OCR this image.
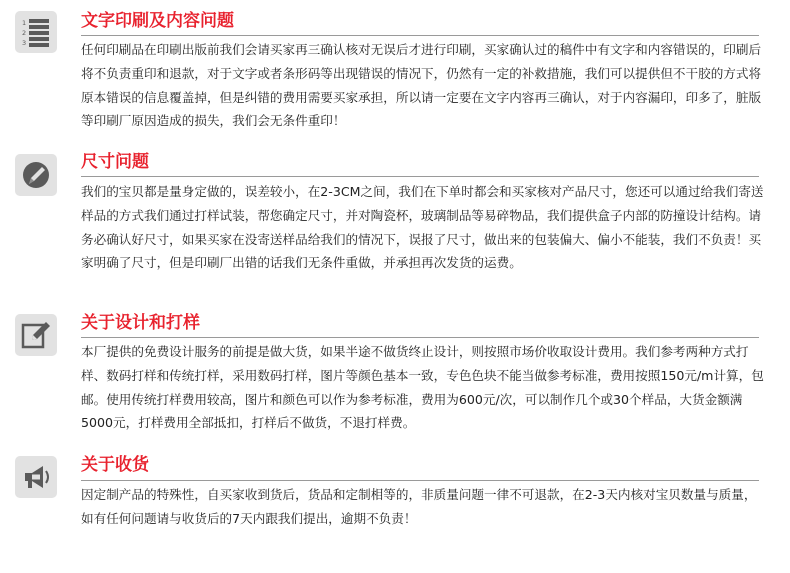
1
2
3
文字印刷及内容问题

任何印刷品在印刷出版前我们会请买家再三确认核对无误后才进行印刷，买家确认过的稿件中有文字和内容错误的，印刷后将不负责重印和退款，对于文字或者条形码等出现错误的情况下，仍然有一定的补救措施，我们可以提供但不干胶的方式将原本错误的信息覆盖掉，但是纠错的费用需要买家承担，所以请一定要在文字内容再三确认，对于内容漏印，印多了，脏版等印刷厂原因造成的损失，我们会无条件重印！

尺寸问题

我们的宝贝都是量身定做的，误差较小，在2-3CM之间，我们在下单时都会和买家核对产品尺寸，您还可以通过给我们寄送样品的方式我们通过打样试装，帮您确定尺寸，并对陶瓷杯，玻璃制品等易碎物品，我们提供盒子内部的防撞设计结构。请务必确认好尺寸，如果买家在没寄送样品给我们的情况下，误报了尺寸，做出来的包装偏大、偏小不能装，我们不负责！买家明确了尺寸，但是印刷厂出错的话我们无条件重做，并承担再次发货的运费。

关于设计和打样

本厂提供的免费设计服务的前提是做大货，如果半途不做货终止设计，则按照市场价收取设计费用。我们参考两种方式打样、数码打样和传统打样，采用数码打样，图片等颜色基本一致，专色色块不能当做参考标准，费用按照150元/m计算，包邮。使用传统打样费用较高，图片和颜色可以作为参考标准，费用为600元/次，可以制作几个或30个样品，大货金额满5000元，打样费用全部抵扣，打样后不做货，不退打样费。

关于收货

因定制产品的特殊性，自买家收到货后，货品和定制相等的，非质量问题一律不可退款，在2-3天内核对宝贝数量与质量，如有任何问题请与收货后的7天内跟我们提出，逾期不负责！
